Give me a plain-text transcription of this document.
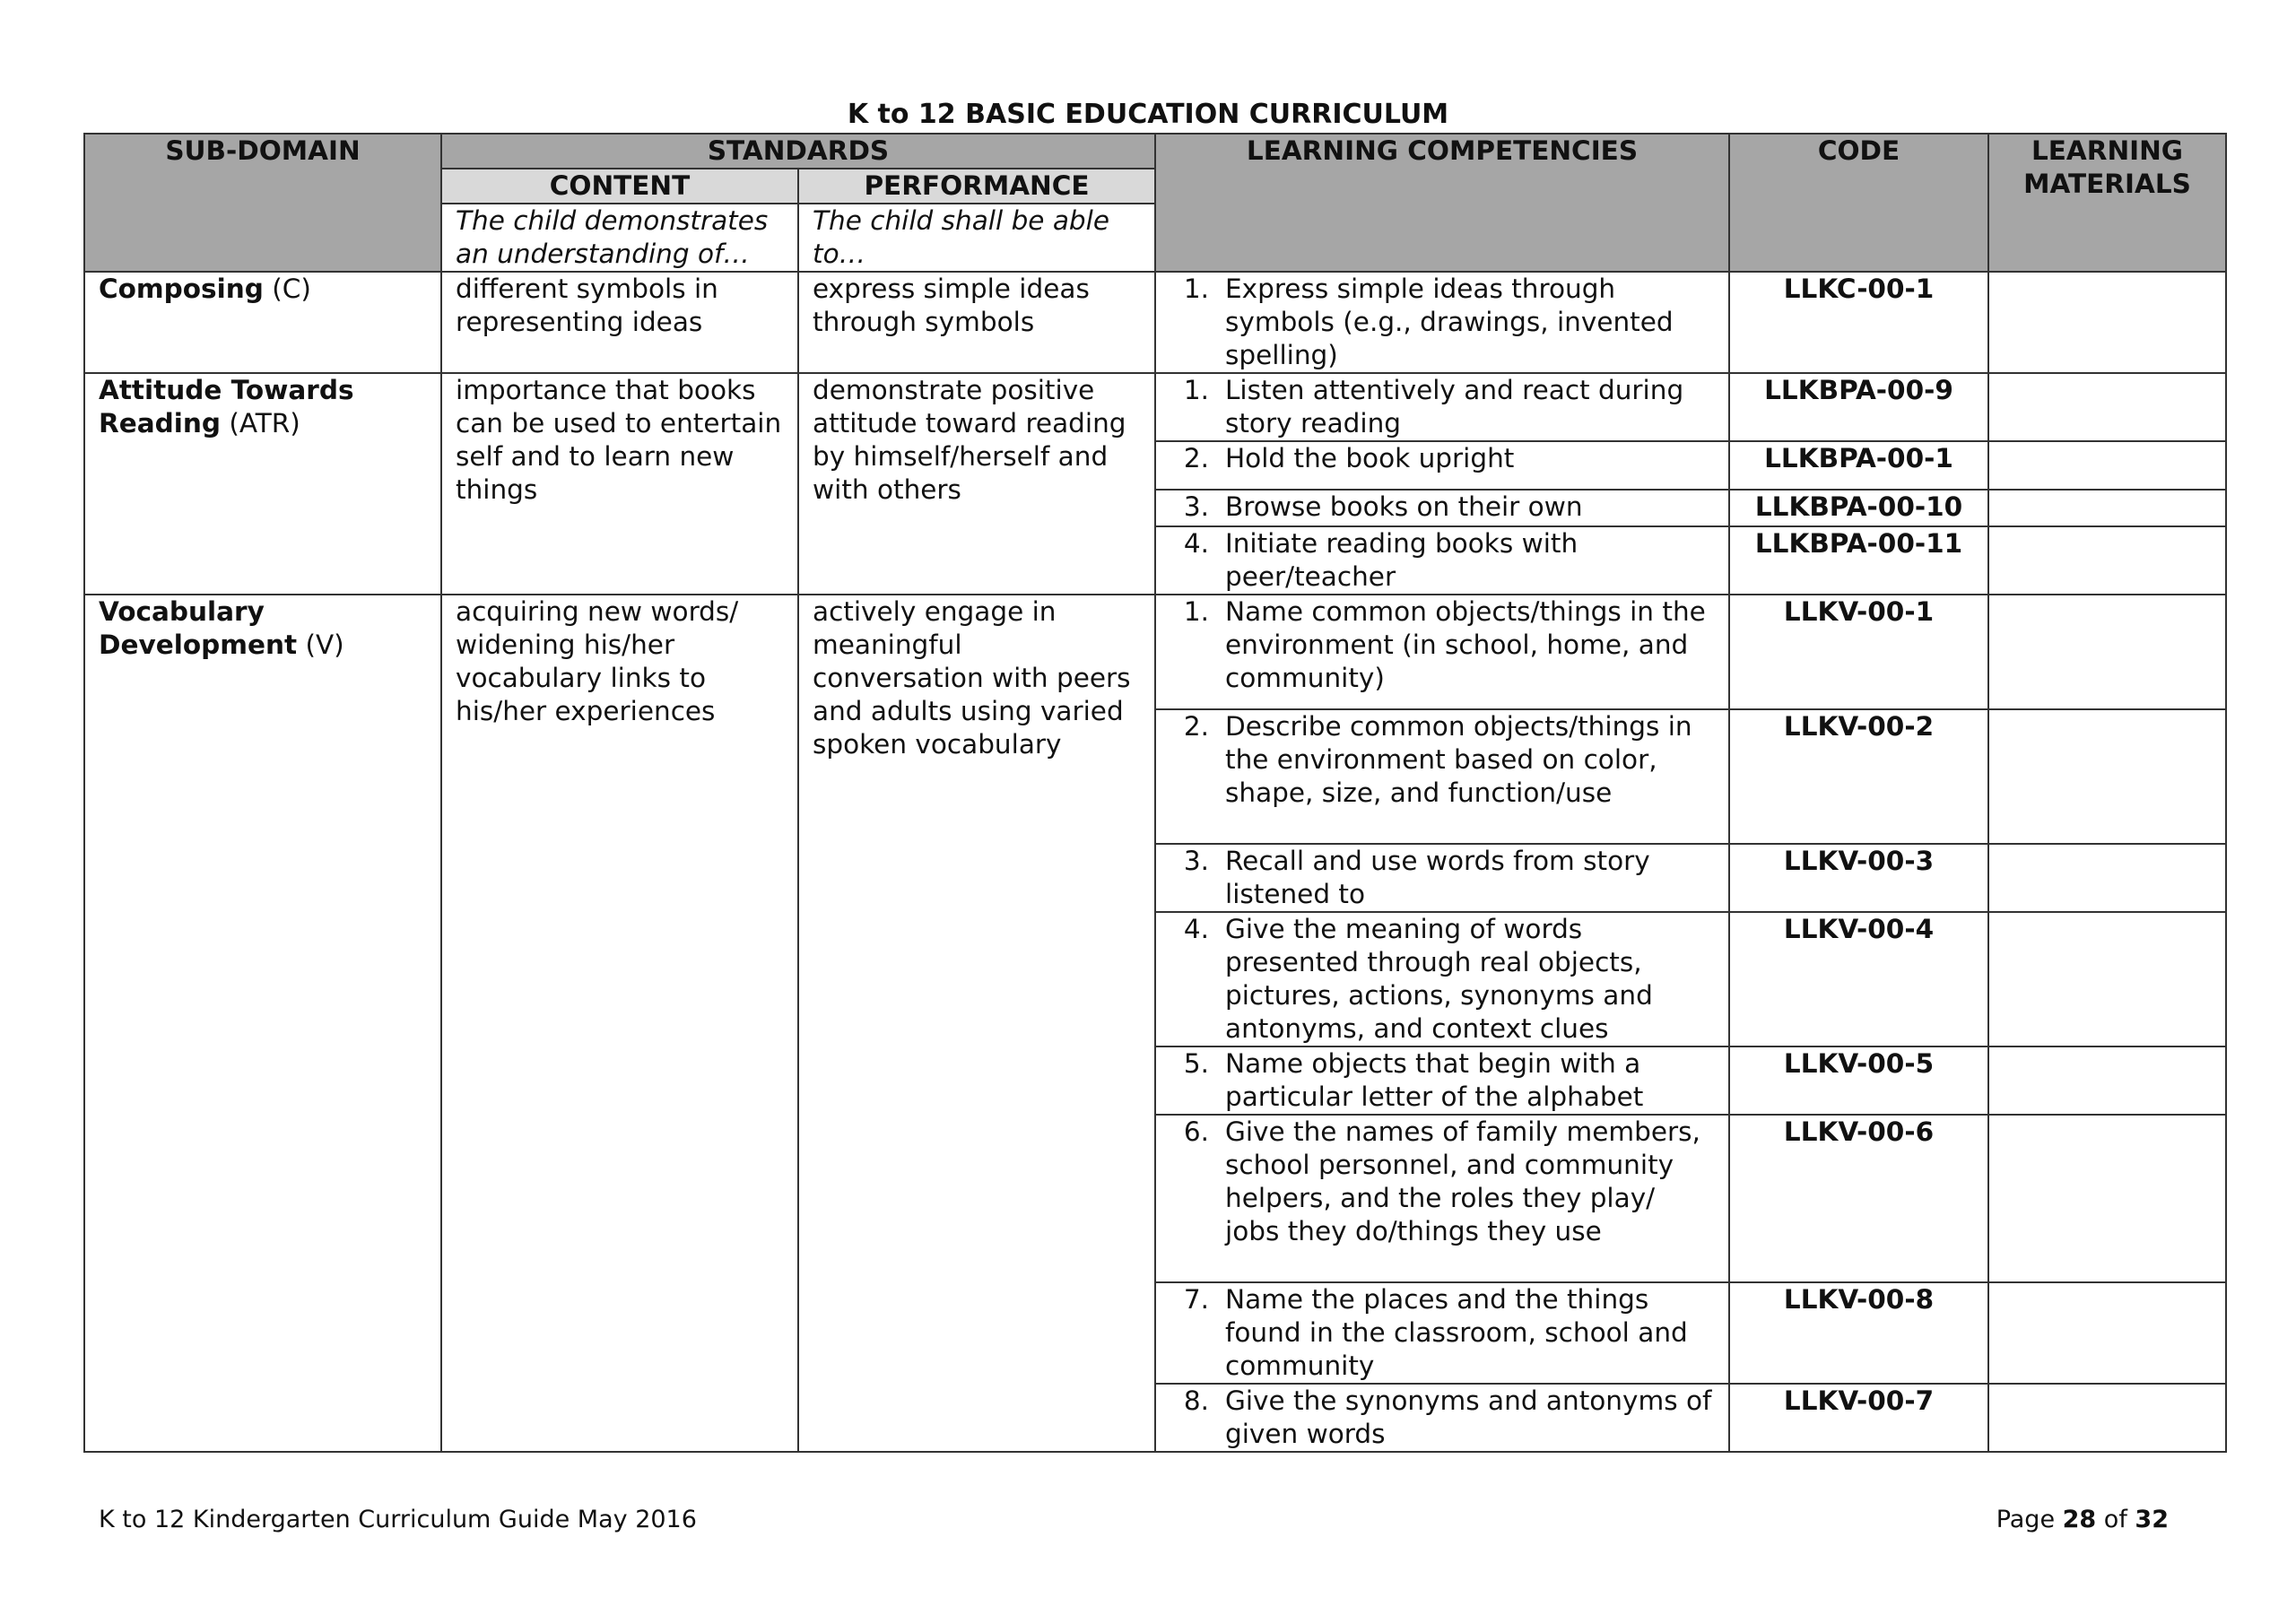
K to 12 BASIC EDUCATION CURRICULUM
SUB-DOMAIN	STANDARDS		LEARNING COMPETENCIES	CODE	LEARNING MATERIALS
	CONTENT	PERFORMANCE			
	The child demonstrates an understanding of…	The child shall be able to…			
Composing (C)	different symbols in representing ideas	express simple ideas through symbols	1. Express simple ideas through symbols (e.g., drawings, invented spelling)	LLKC-00-1	
Attitude Towards Reading (ATR)	importance that books can be used to entertain self and to learn new things	demonstrate positive attitude toward reading by himself/herself and with others	1. Listen attentively and react during story reading	LLKBPA-00-9	

			2. Hold the book upright	LLKBPA-00-1	

			3. Browse books on their own	LLKBPA-00-10	

			4. Initiate reading books with peer/teacher	LLKBPA-00-11	
Vocabulary Development (V)	acquiring new words/ widening his/her vocabulary links to his/her experiences	actively engage in meaningful conversation with peers and adults using varied spoken vocabulary	1. Name common objects/things in the environment (in school, home, and community)	LLKV-00-1	

			2. Describe common objects/things in the environment based on color, shape, size, and function/use	LLKV-00-2	

			3. Recall and use words from story listened to	LLKV-00-3	

			4. Give the meaning of words presented through real objects, pictures, actions, synonyms and antonyms, and context clues	LLKV-00-4	

			5. Name objects that begin with a particular letter of the alphabet	LLKV-00-5	

			6. Give the names of family members, school personnel, and community helpers, and the roles they play/ jobs they do/things they use	LLKV-00-6	

			7. Name the places and the things found in the classroom, school and community	LLKV-00-8	

			8. Give the synonyms and antonyms of given words	LLKV-00-7	
K to 12 Kindergarten Curriculum Guide May 2016	Page 28 of 32
